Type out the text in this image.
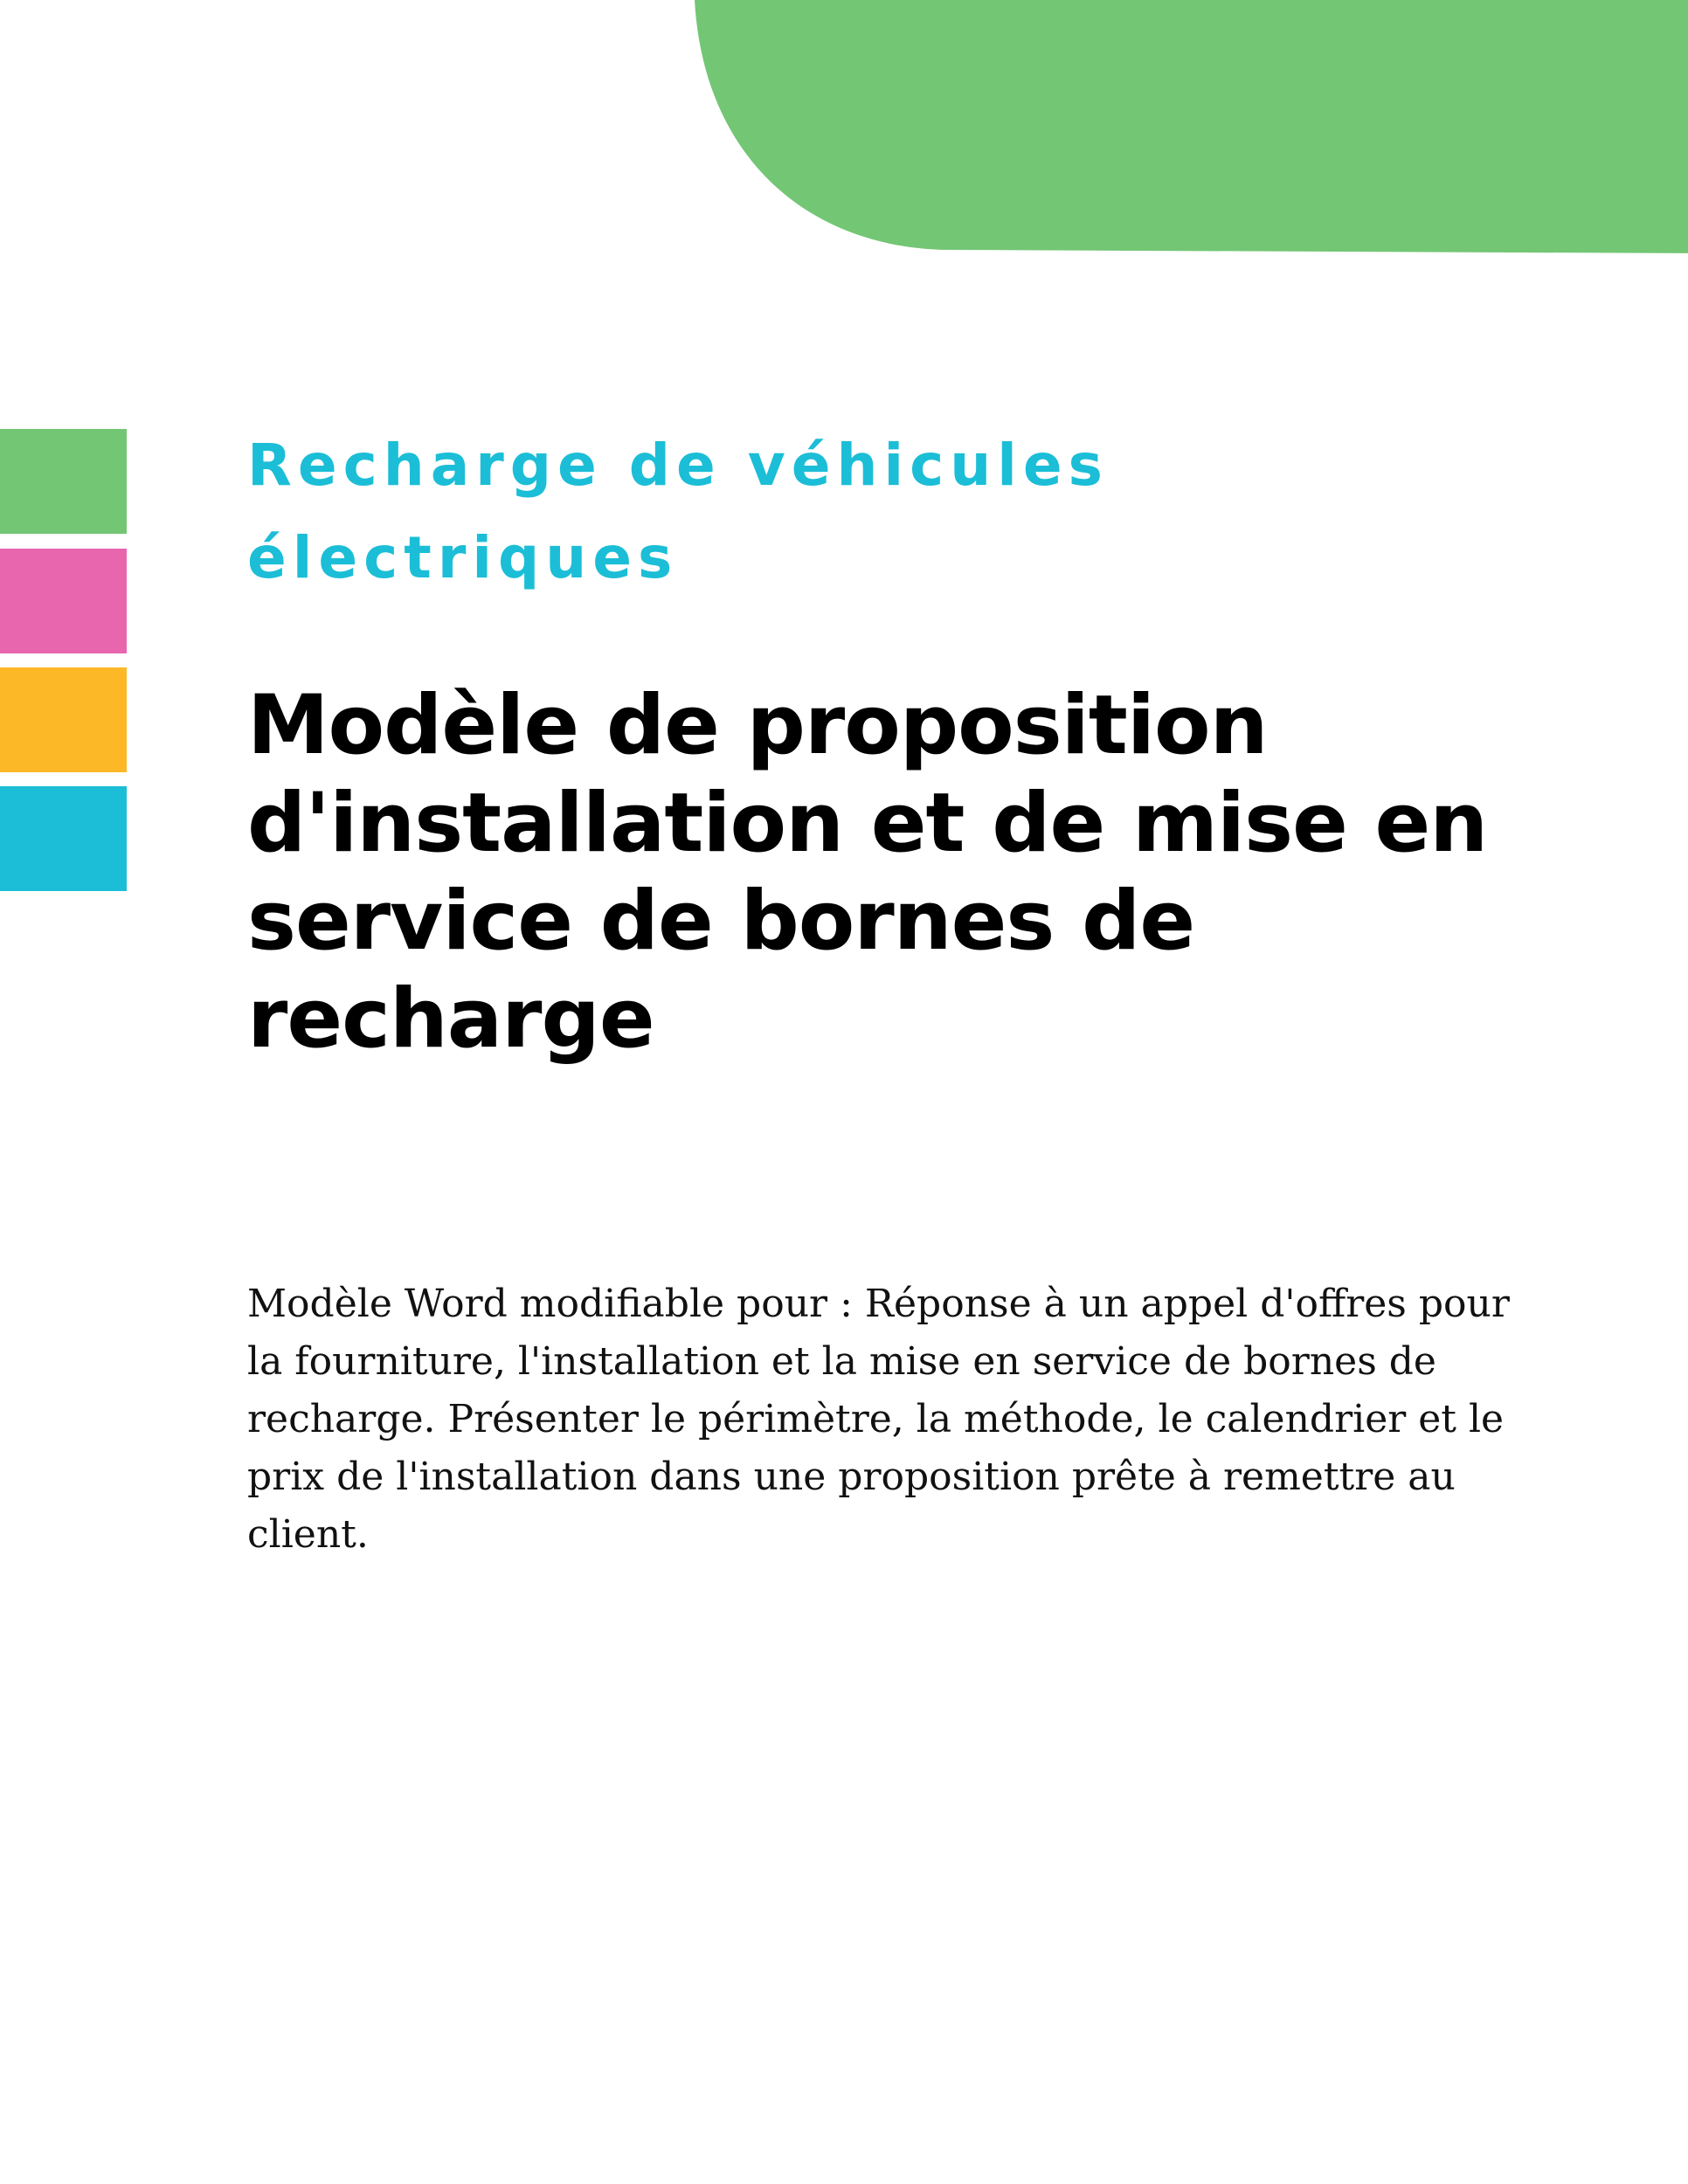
Recharge de véhicules électriques
Modèle de proposition d'installation et de mise en service de bornes de recharge

Modèle Word modifiable pour : Réponse à un appel d'offres pour la fourniture, l'installation et la mise en service de bornes de recharge. Présenter le périmètre, la méthode, le calendrier et le prix de l'installation dans une proposition prête à remettre au client.
